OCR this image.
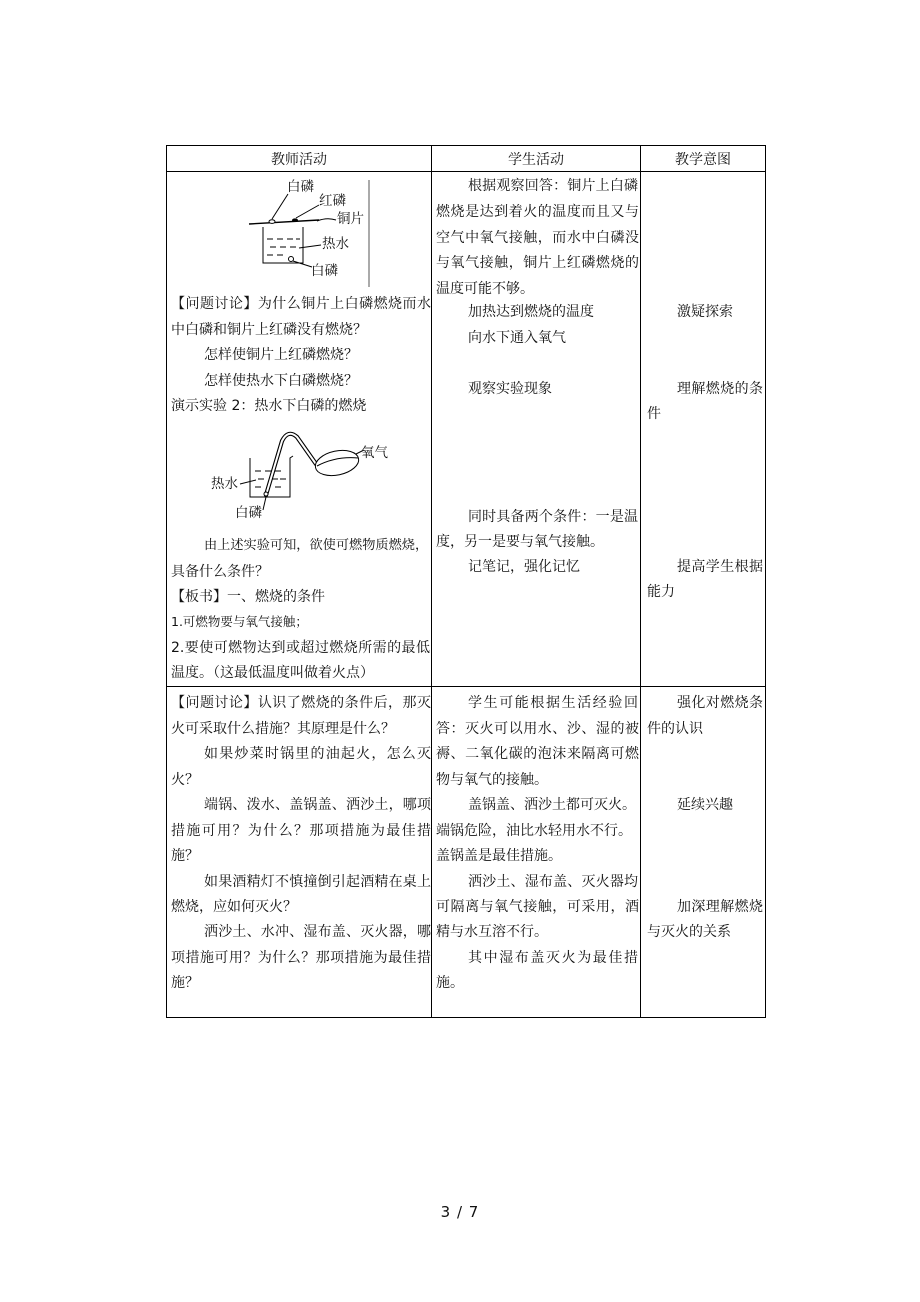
教师活动	学生活动	教学意图
白磷
红磷
铜片
热水
白磷
【问题讨论】为什么铜片上白磷燃烧而水
中白磷和铜片上红磷没有燃烧？
怎样使铜片上红磷燃烧？
怎样使热水下白磷燃烧？
演示实验 2：热水下白磷的燃烧
氧气
热水
白磷
由上述实验可知，欲使可燃物质燃烧，
具备什么条件？
【板书】一、燃烧的条件
1.可燃物要与氧气接触；
2.要使可燃物达到或超过燃烧所需的最低
温度。（这最低温度叫做着火点）
根据观察回答：铜片上白磷
燃烧是达到着火的温度而且又与
空气中氧气接触，而水中白磷没
与氧气接触，铜片上红磷燃烧的
温度可能不够。
加热达到燃烧的温度
向水下通入氧气
观察实验现象
同时具备两个条件：一是温
度，另一是要与氧气接触。
记笔记，强化记忆
激疑探索
理解燃烧的条
件
提高学生根据
能力
【问题讨论】认识了燃烧的条件后，那灭
火可采取什么措施？其原理是什么？
如果炒菜时锅里的油起火，怎么灭
火？
端锅、泼水、盖锅盖、洒沙土，哪项
措施可用？为什么？那项措施为最佳措
施？
如果酒精灯不慎撞倒引起酒精在桌上
燃烧，应如何灭火？
洒沙土、水冲、湿布盖、灭火器，哪
项措施可用？为什么？那项措施为最佳措
施？
学生可能根据生活经验回
答：灭火可以用水、沙、湿的被
褥、二氧化碳的泡沫来隔离可燃
物与氧气的接触。
盖锅盖、洒沙土都可灭火。
端锅危险，油比水轻用水不行。
盖锅盖是最佳措施。
洒沙土、湿布盖、灭火器均
可隔离与氧气接触，可采用，酒
精与水互溶不行。
其中湿布盖灭火为最佳措
施。
强化对燃烧条
件的认识
延续兴趣
加深理解燃烧
与灭火的关系
3 / 7
